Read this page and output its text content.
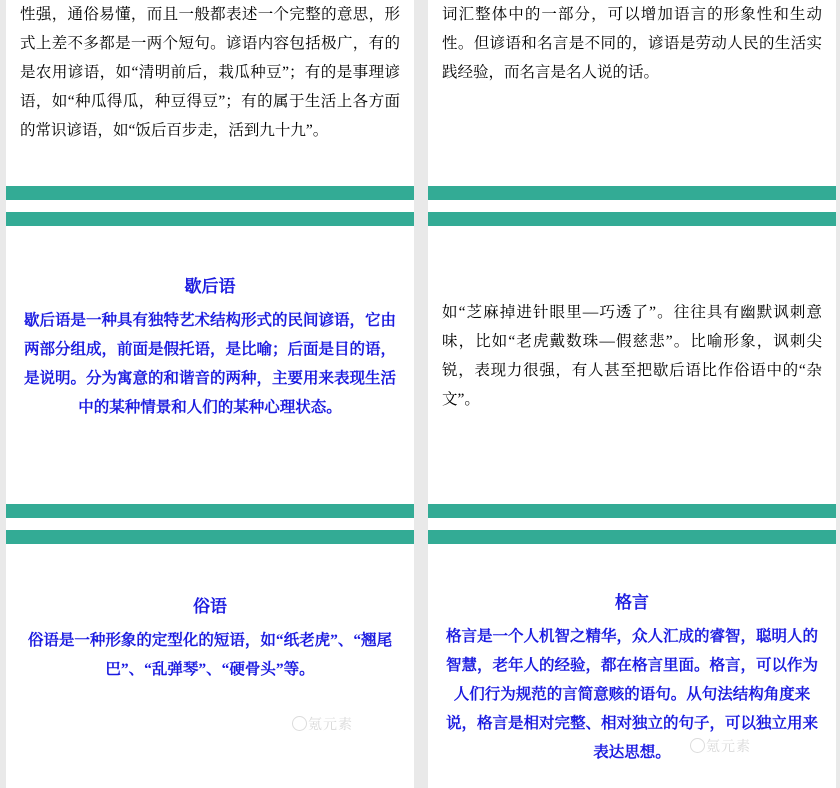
性强，通俗易懂，而且一般都表述一个完整的意思，形式上差不多都是一两个短句。谚语内容包括极广，有的是农用谚语，如“清明前后，栽瓜种豆”；有的是事理谚语，如“种瓜得瓜，种豆得豆”；有的属于生活上各方面的常识谚语，如“饭后百步走，活到九十九”。
歇后语
歇后语是一种具有独特艺术结构形式的民间谚语，它由两部分组成，前面是假托语，是比喻；后面是目的语，是说明。分为寓意的和谐音的两种，主要用来表现生活中的某种情景和人们的某种心理状态。
俗语
俗语是一种形象的定型化的短语，如“纸老虎”、“翘尾巴”、“乱弹琴”、“硬骨头”等。
氪元素
词汇整体中的一部分，可以增加语言的形象性和生动性。但谚语和名言是不同的，谚语是劳动人民的生活实践经验，而名言是名人说的话。
如“芝麻掉进针眼里—巧透了”。往往具有幽默讽刺意味，比如“老虎戴数珠—假慈悲”。比喻形象，讽刺尖锐，表现力很强，有人甚至把歇后语比作俗语中的“杂文”。
格言
格言是一个人机智之精华，众人汇成的睿智，聪明人的智慧，老年人的经验，都在格言里面。格言，可以作为人们行为规范的言简意赅的语句。从句法结构角度来说，格言是相对完整、相对独立的句子，可以独立用来表达思想。	氪元素
